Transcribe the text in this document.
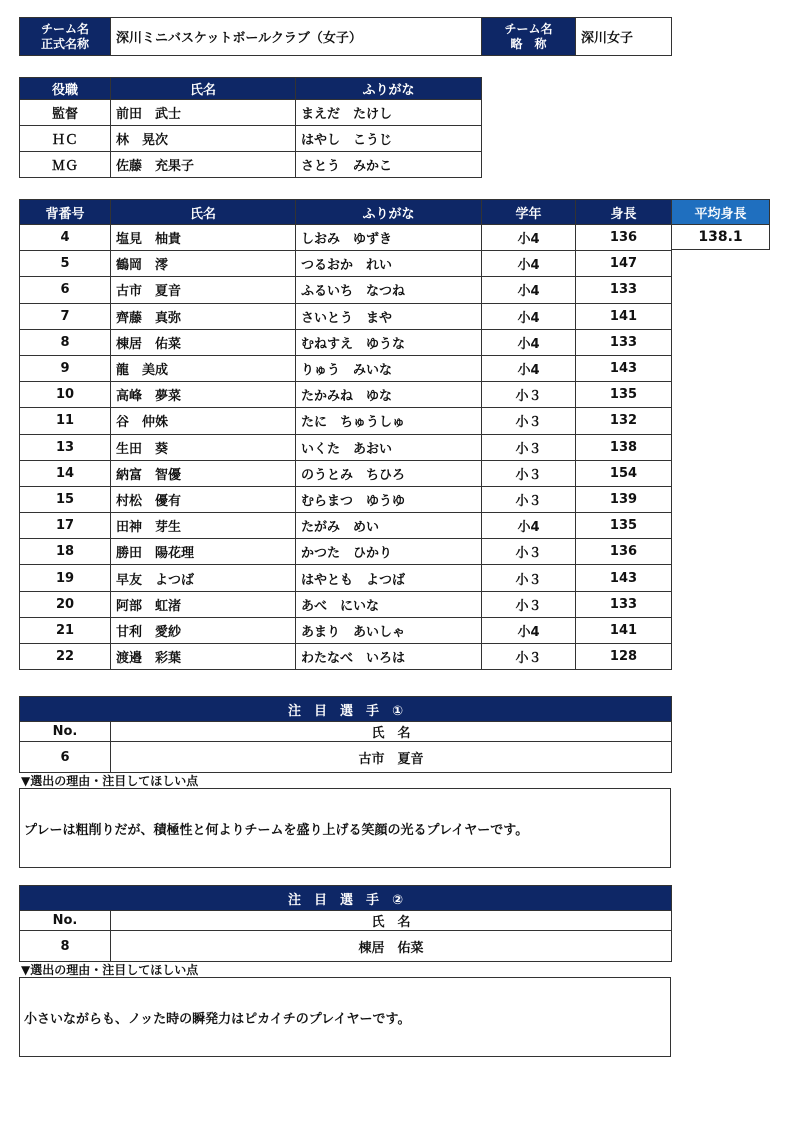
チーム名
正式名称	深川ミニバスケットボールクラブ（女子）	
チーム名
略　称	深川女子
役職	氏名	ふりがな
監督	前田　武士	まえだ　たけし
ＨＣ	林　晃次	はやし　こうじ
ＭＧ	佐藤　充果子	さとう　みかこ
背番号	氏名	ふりがな	学年	身長
4	塩見　柚貴	しおみ　ゆずき	小4	136
5	鶴岡　澪	つるおか　れい	小4	147
6	古市　夏音	ふるいち　なつね	小4	133
7	齊藤　真弥	さいとう　まや	小4	141
8	棟居　佑菜	むねすえ　ゆうな	小4	133
9	龍　美成	りゅう　みいな	小4	143
10	高峰　夢菜	たかみね　ゆな	小３	135
11	谷　仲姝	たに　ちゅうしゅ	小３	132
13	生田　葵	いくた　あおい	小３	138
14	納富　智優	のうとみ　ちひろ	小３	154
15	村松　優有	むらまつ　ゆうゆ	小３	139
17	田神　芽生	たがみ　めい	小4	135
18	勝田　陽花理	かつた　ひかり	小３	136
19	早友　よつば	はやとも　よつば	小３	143
20	阿部　虹渚	あべ　にいな	小３	133
21	甘利　愛紗	あまり　あいしゃ	小4	141
22	渡邉　彩葉	わたなべ　いろは	小３	128
平均身長
138.1
注　目　選　手　①	
No.	氏　名
6	古市　夏音
▼選出の理由・注目してほしい点
プレーは粗削りだが、積極性と何よりチームを盛り上げる笑顔の光るプレイヤーです。
注　目　選　手　②	
No.	氏　名
8	棟居　佑菜
▼選出の理由・注目してほしい点
小さいながらも、ノッた時の瞬発力はピカイチのプレイヤーです。
